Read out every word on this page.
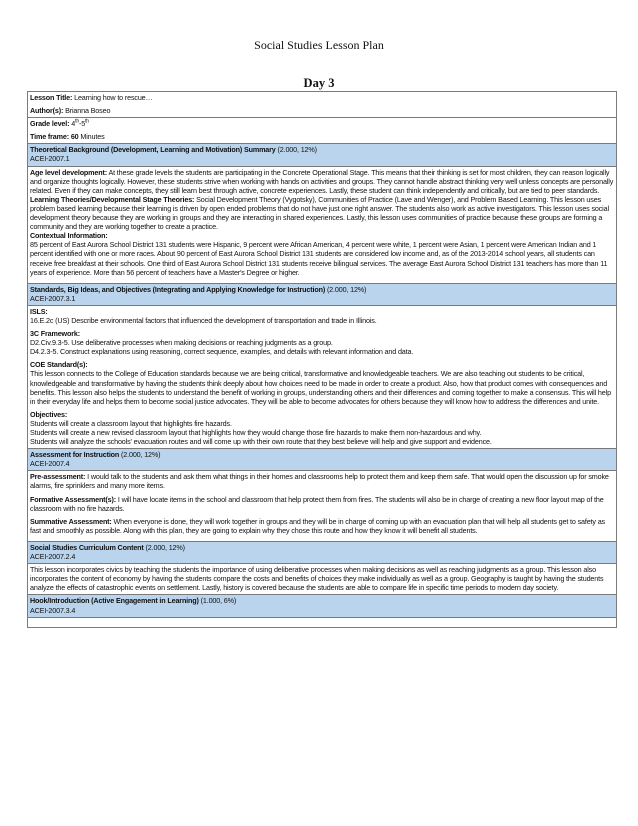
Social Studies Lesson Plan
Day 3

Lesson Title: Learning how to rescue…

Author(s): Brianna Boseo

Grade level: 4th-5th

Time frame: 60 Minutes

Theoretical Background (Development, Learning and Motivation) Summary (2.000, 12%)

ACEI-2007.1

Age level development: At these grade levels the students are participating in the Concrete Operational Stage. This means that their thinking is set for most children, they can reason logically and organize thoughts logically. However, these students strive when working with hands on activities and groups. They cannot handle abstract thinking very well unless concepts are personally related. Even if they can make concepts, they still learn best through active, concrete experiences. Lastly, these student can think independently and critically, but are tied to peer standards.

Learning Theories/Developmental Stage Theories: Social Development Theory (Vygotsky), Communities of Practice (Lave and Wenger), and Problem Based Learning. This lesson uses problem based learning because their learning is driven by open ended problems that do not have just one right answer. The students also work as active investigators. This lesson uses social development theory because they are working in groups and they are interacting in shared experiences. Lastly, this lesson uses communities of practice because these groups are forming a community and they are working together to create a practice.

Contextual Information:

85 percent of East Aurora School District 131 students were Hispanic, 9 percent were African American, 4 percent were white, 1 percent were Asian, 1 percent were American Indian and 1 percent identified with one or more races. About 90 percent of East Aurora School District 131 students are considered low income and, as of the 2013-2014 school years, all students can receive free breakfast at their schools. One third of East Aurora School District 131 students receive bilingual services. The average East Aurora School District 131 teachers has more than 11 years of experience. More than 56 percent of teachers have a Master's Degree or higher.

Standards, Big Ideas, and Objectives (Integrating and Applying Knowledge for Instruction) (2.000, 12%)

ACEI-2007.3.1

ISLS:

16.E.2c (US) Describe environmental factors that influenced the development of transportation and trade in Illinois.

3C Framework:

D2.Civ.9.3-5. Use deliberative processes when making decisions or reaching judgments as a group.

D4.2.3-5. Construct explanations using reasoning, correct sequence, examples, and details with relevant information and data.

COE Standard(s):

This lesson connects to the College of Education standards because we are being critical, transformative and knowledgeable teachers. We are also teaching out students to be critical, knowledgeable and transformative by having the students think deeply about how choices need to be made in order to create a product. Also, how that product comes with consequences and benefits. This lesson also helps the students to understand the benefit of working in groups, understanding others and their differences and coming together to make a consensus. This will help in their everyday life and helps them to become social justice advocates. They will be able to become advocates for others because they will know how to address the differences and unite.

Objectives:

Students will create a classroom layout that highlights fire hazards.

Students will create a new revised classroom layout that highlights how they would change those fire hazards to make them non-hazardous and why.

Students will analyze the schools' evacuation routes and will come up with their own route that they best believe will help and give support and evidence.

Assessment for Instruction (2.000, 12%)

ACEI-2007.4

Pre-assessment: I would talk to the students and ask them what things in their homes and classrooms help to protect them and keep them safe. That would open the discussion up for smoke alarms, fire sprinklers and many more items.

Formative Assessment(s): I will have locate items in the school and classroom that help protect them from fires. The students will also be in charge of creating a new floor layout map of the classroom with no fire hazards.

Summative Assessment: When everyone is done, they will work together in groups and they will be in charge of coming up with an evacuation plan that will help all students get to safety as fast and smoothly as possible. Along with this plan, they are going to explain why they chose this route and how they know it will benefit all students.

Social Studies Curriculum Content (2.000, 12%)

ACEI-2007.2.4

This lesson incorporates civics by teaching the students the importance of using deliberative processes when making decisions as well as reaching judgments as a group. This lesson also incorporates the content of economy by having the students compare the costs and benefits of choices they make individually as well as a group. Geography is taught by having the students analyze the effects of catastrophic events on settlement. Lastly, history is covered because the students are able to compare life in specific time periods to modern day society.

Hook/Introduction (Active Engagement in Learning) (1.000, 6%)

ACEI-2007.3.4
